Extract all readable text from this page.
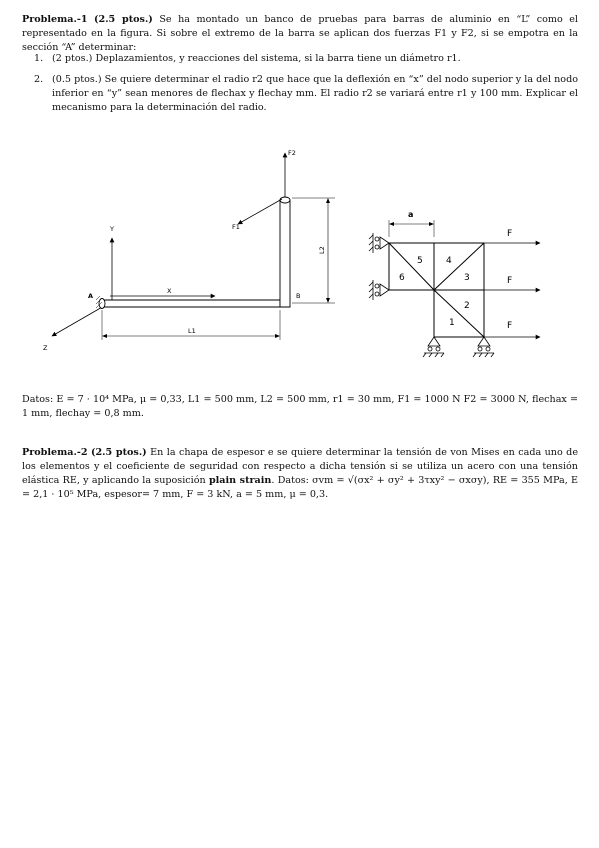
Problema.-1 (2.5 ptos.) Se ha montado un banco de pruebas para barras de aluminio en “L” como el representado en la figura. Si sobre el extremo de la barra se aplican dos fuerzas F1 y F2, si se empotra en la sección “A” determinar:
1. (2 ptos.) Deplazamientos, y reacciones del sistema, si la barra tiene un diámetro r1.
2. (0.5 ptos.) Se quiere determinar el radio r2 que hace que la deflexión en “x” del nodo superior y la del nodo inferior en “y” sean menores de flechax y flechay mm. El radio r2 se variará entre r1 y 100 mm. Explicar el mecanismo para la determinación del radio.
F2
F1
L2
L1
Y
X
Z
A	B
a
5	4
6	3
2
1
F
F
F
Datos: E = 7 · 10⁴ MPa, μ = 0,33, L1 = 500 mm, L2 = 500 mm, r1 = 30 mm, F1 = 1000 N F2 = 3000 N, flechax = 1 mm, flechay = 0,8 mm.
Problema.-2 (2.5 ptos.) En la chapa de espesor e se quiere determinar la tensión de von Mises en cada uno de los elementos y el coeficiente de seguridad con respecto a dicha tensión si se utiliza un acero con una tensión elástica RE, y aplicando la suposición plain strain. Datos: σvm = √(σx² + σy² + 3τxy² − σxσy), RE = 355 MPa, E = 2,1 · 10⁵ MPa, espesor= 7 mm, F = 3 kN, a = 5 mm, μ = 0,3.
